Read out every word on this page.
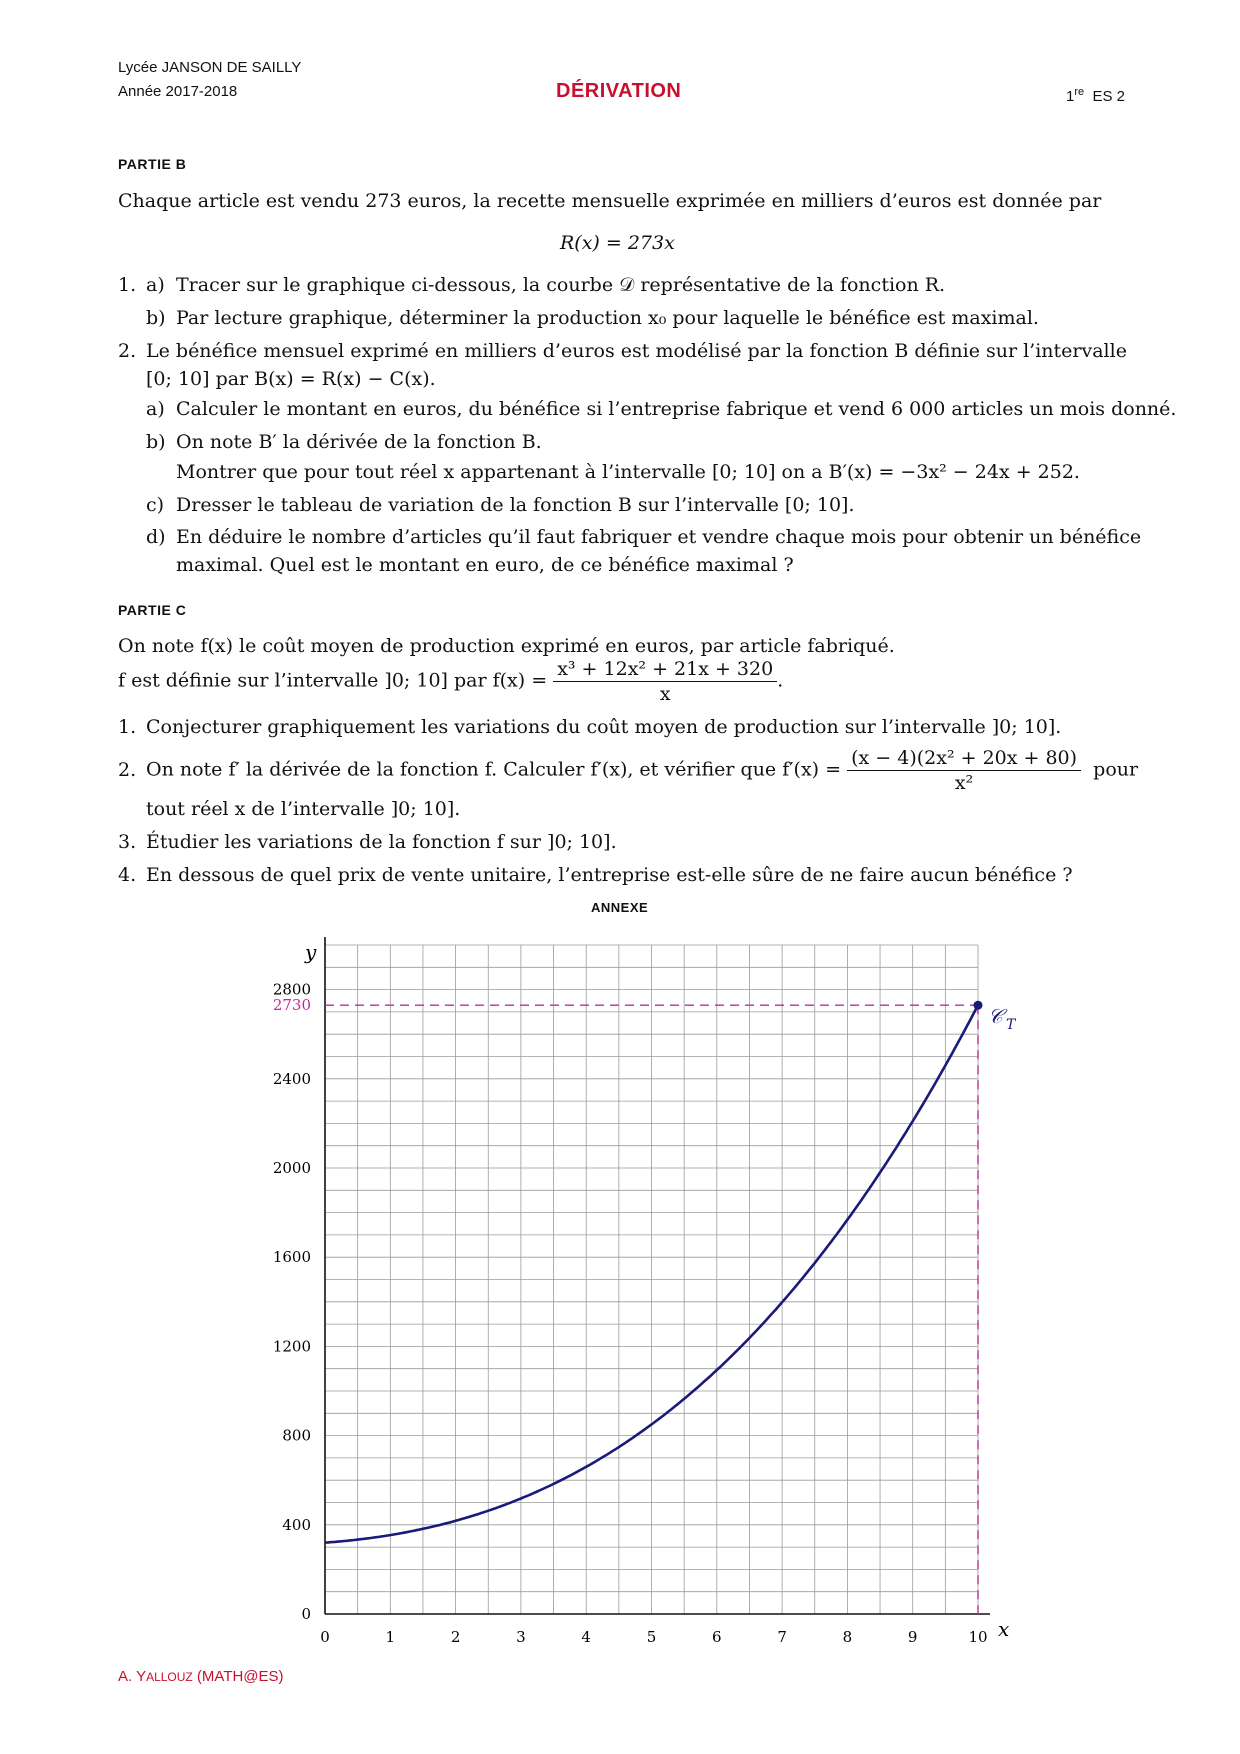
Lycée JANSON DE SAILLY
Année 2017-2018	DÉRIVATION	1re ES 2
PARTIE B
Chaque article est vendu 273 euros, la recette mensuelle exprimée en milliers d’euros est donnée par
R(x) = 273x
1. a) Tracer sur le graphique ci-dessous, la courbe 𝒟 représentative de la fonction R.
b) Par lecture graphique, déterminer la production x₀ pour laquelle le bénéfice est maximal.
2. Le bénéfice mensuel exprimé en milliers d’euros est modélisé par la fonction B définie sur l’intervalle
[0; 10] par B(x) = R(x) − C(x).
a) Calculer le montant en euros, du bénéfice si l’entreprise fabrique et vend 6 000 articles un mois donné.
b) On note B′ la dérivée de la fonction B.
Montrer que pour tout réel x appartenant à l’intervalle [0; 10] on a B′(x) = −3x² − 24x + 252.
c) Dresser le tableau de variation de la fonction B sur l’intervalle [0; 10].
d) En déduire le nombre d’articles qu’il faut fabriquer et vendre chaque mois pour obtenir un bénéfice
maximal. Quel est le montant en euro, de ce bénéfice maximal ?
PARTIE C
On note f(x) le coût moyen de production exprimé en euros, par article fabriqué.
f est définie sur l’intervalle ]0; 10] par $f(x) = \frac{\text{x³ + 12x² + 21x + 320}}{x}$ .
1. Conjecturer graphiquement les variations du coût moyen de production sur l’intervalle ]0; 10].
2. On note f′ la dérivée de la fonction f. Calculer f′(x), et vérifier que $f'(x) = \frac{\text{(x − 4)(2x² + 20x + 80)}}{\text{x²}}$ pour
tout réel x de l’intervalle ]0; 10].
3. Étudier les variations de la fonction f sur ]0; 10].
4. En dessous de quel prix de vente unitaire, l’entreprise est-elle sûre de ne faire aucun bénéfice ?
ANNEXE
0	1	2	3	4	5	6	7	8	9	10
0
400
800
1200
1600
2000
2400
2800
x
y
2730	𝒞 T
A. YALLOUZ (MATH@ES)
